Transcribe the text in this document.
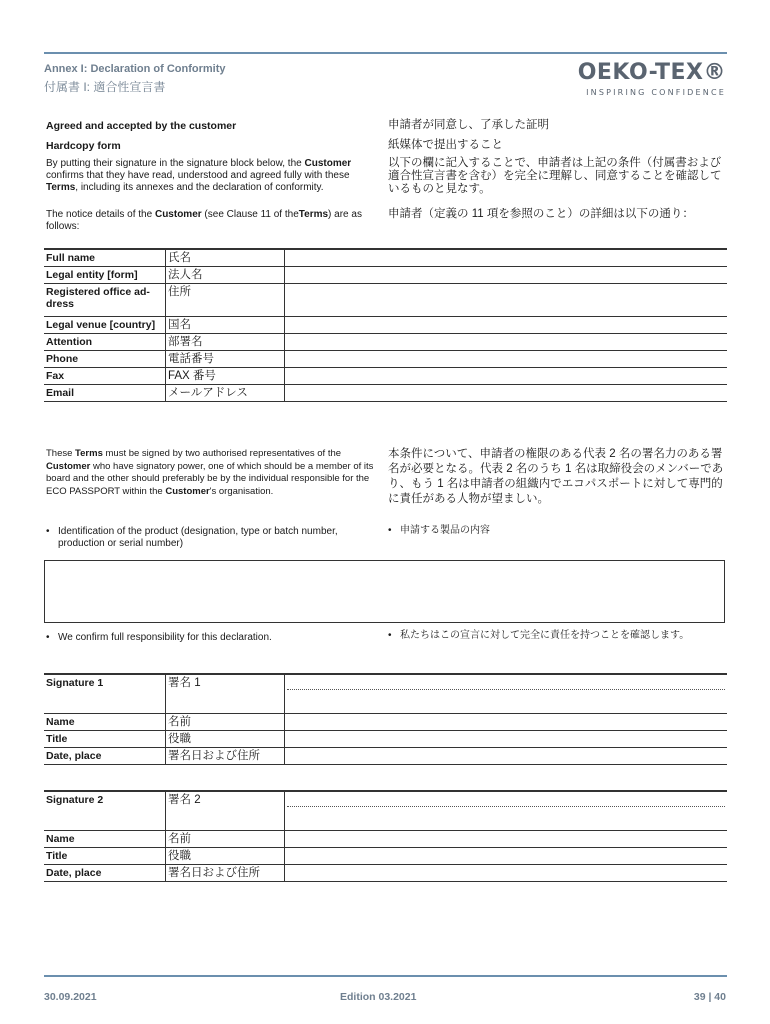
Annex I: Declaration of Conformity
付属書 I: 適合性宣言書
OEKO-TEX®
INSPIRING CONFIDENCE
Agreed and accepted by the customer	申請者が同意し、了承した証明
Hardcopy form	紙媒体で提出すること
By putting their signature in the signature block below, the Customer confirms that they have read, understood and agreed fully with these Terms, including its annexes and the declaration of conformity.
以下の欄に記入することで、申請者は上記の条件（付属書および適合性宣言書を含む）を完全に理解し、同意することを確認しているものと見なす。
The notice details of the Customer (see Clause 11 of theTerms) are as follows:
申請者（定義の 11 項を参照のこと）の詳細は以下の通り：
Full name	氏名	
Legal entity [form]	法人名	
Registered office ad-dress	住所	
Legal venue [country]	国名	
Attention	部署名	
Phone	電話番号	
Fax	FAX 番号	
Email	メールアドレス	
These Terms must be signed by two authorised representatives of the Customer who have signatory power, one of which should be a member of its board and the other should preferably be by the individual responsible for the ECO PASSPORT within the Customer's organisation.
本条件について、申請者の権限のある代表 2 名の署名力のある署名が必要となる。代表 2 名のうち 1 名は取締役会のメンバーであり、もう 1 名は申請者の組織内でエコパスポートに対して専門的に責任がある人物が望ましい。
• Identification of the product (designation, type or batch number, production or serial number)
• 申請する製品の内容
• We confirm full responsibility for this declaration.	• 私たちはこの宣言に対して完全に責任を持つことを確認します。
Signature 1	署名 1	

Name	名前	
Title	役職	
Date, place	署名日および住所	
Signature 2	署名 2	

Name	名前	
Title	役職	
Date, place	署名日および住所	
30.09.2021	Edition 03.2021	39 | 40
